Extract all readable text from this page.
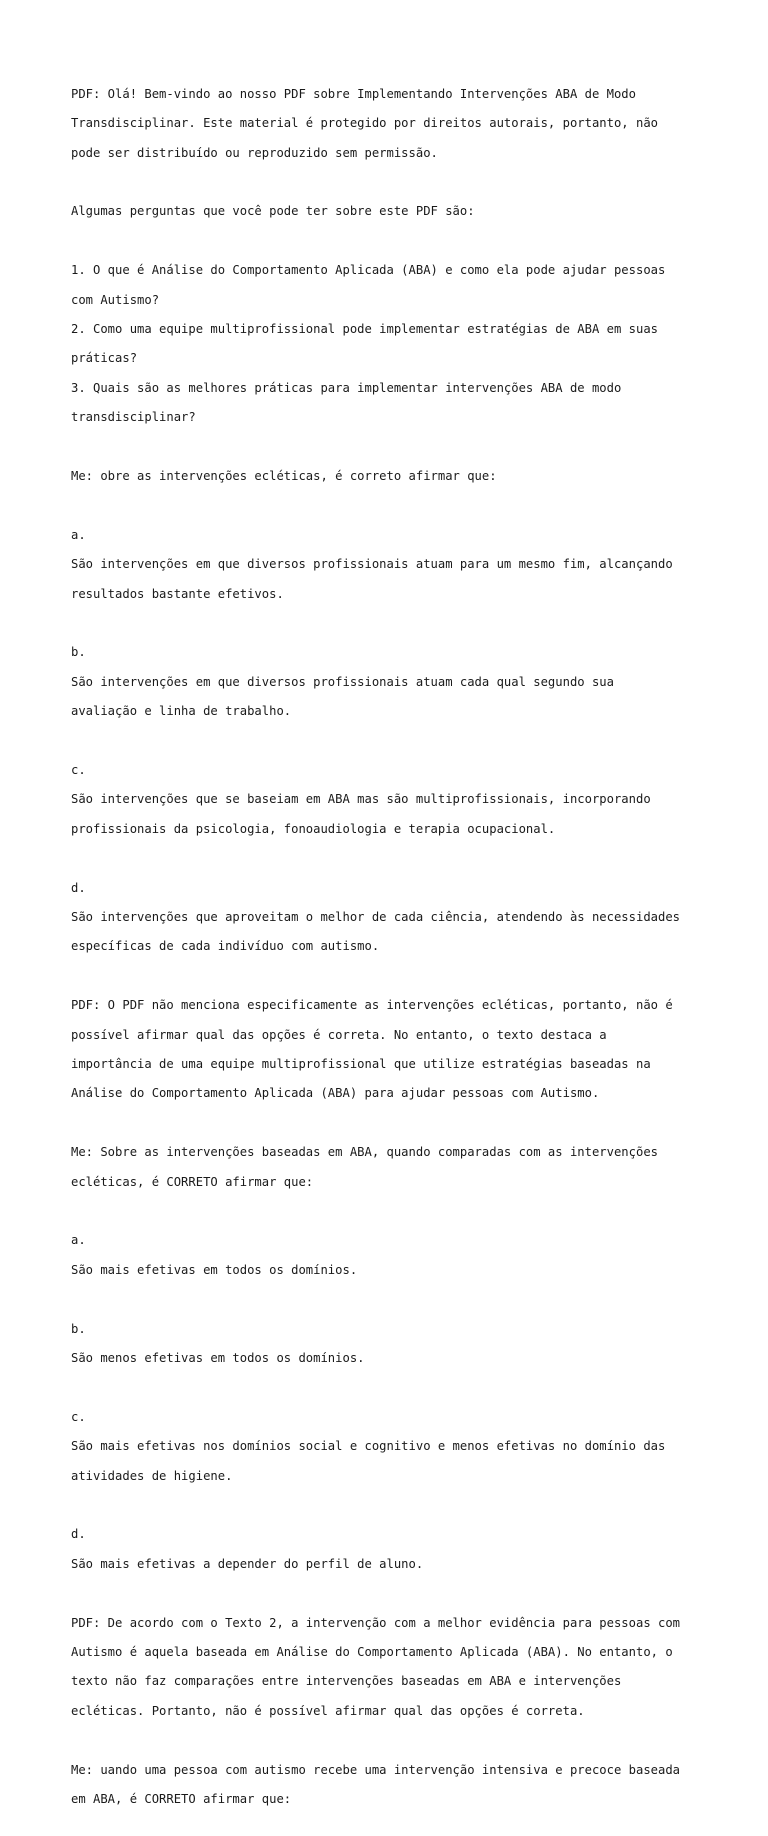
PDF: Olá! Bem-vindo ao nosso PDF sobre Implementando Intervenções ABA de Modo

Transdisciplinar. Este material é protegido por direitos autorais, portanto, não

pode ser distribuído ou reproduzido sem permissão.

Algumas perguntas que você pode ter sobre este PDF são:

1. O que é Análise do Comportamento Aplicada (ABA) e como ela pode ajudar pessoas

com Autismo?

2. Como uma equipe multiprofissional pode implementar estratégias de ABA em suas

práticas?

3. Quais são as melhores práticas para implementar intervenções ABA de modo

transdisciplinar?

Me: obre as intervenções ecléticas, é correto afirmar que:

a.

São intervenções em que diversos profissionais atuam para um mesmo fim, alcançando

resultados bastante efetivos.

b.

São intervenções em que diversos profissionais atuam cada qual segundo sua

avaliação e linha de trabalho.

c.

São intervenções que se baseiam em ABA mas são multiprofissionais, incorporando

profissionais da psicologia, fonoaudiologia e terapia ocupacional.

d.

São intervenções que aproveitam o melhor de cada ciência, atendendo às necessidades

específicas de cada indivíduo com autismo.

PDF: O PDF não menciona especificamente as intervenções ecléticas, portanto, não é

possível afirmar qual das opções é correta. No entanto, o texto destaca a

importância de uma equipe multiprofissional que utilize estratégias baseadas na

Análise do Comportamento Aplicada (ABA) para ajudar pessoas com Autismo.

Me: Sobre as intervenções baseadas em ABA, quando comparadas com as intervenções

ecléticas, é CORRETO afirmar que:

a.

São mais efetivas em todos os domínios.

b.

São menos efetivas em todos os domínios.

c.

São mais efetivas nos domínios social e cognitivo e menos efetivas no domínio das

atividades de higiene.

d.

São mais efetivas a depender do perfil de aluno.

PDF: De acordo com o Texto 2, a intervenção com a melhor evidência para pessoas com

Autismo é aquela baseada em Análise do Comportamento Aplicada (ABA). No entanto, o

texto não faz comparações entre intervenções baseadas em ABA e intervenções

ecléticas. Portanto, não é possível afirmar qual das opções é correta.

Me: uando uma pessoa com autismo recebe uma intervenção intensiva e precoce baseada

em ABA, é CORRETO afirmar que:
